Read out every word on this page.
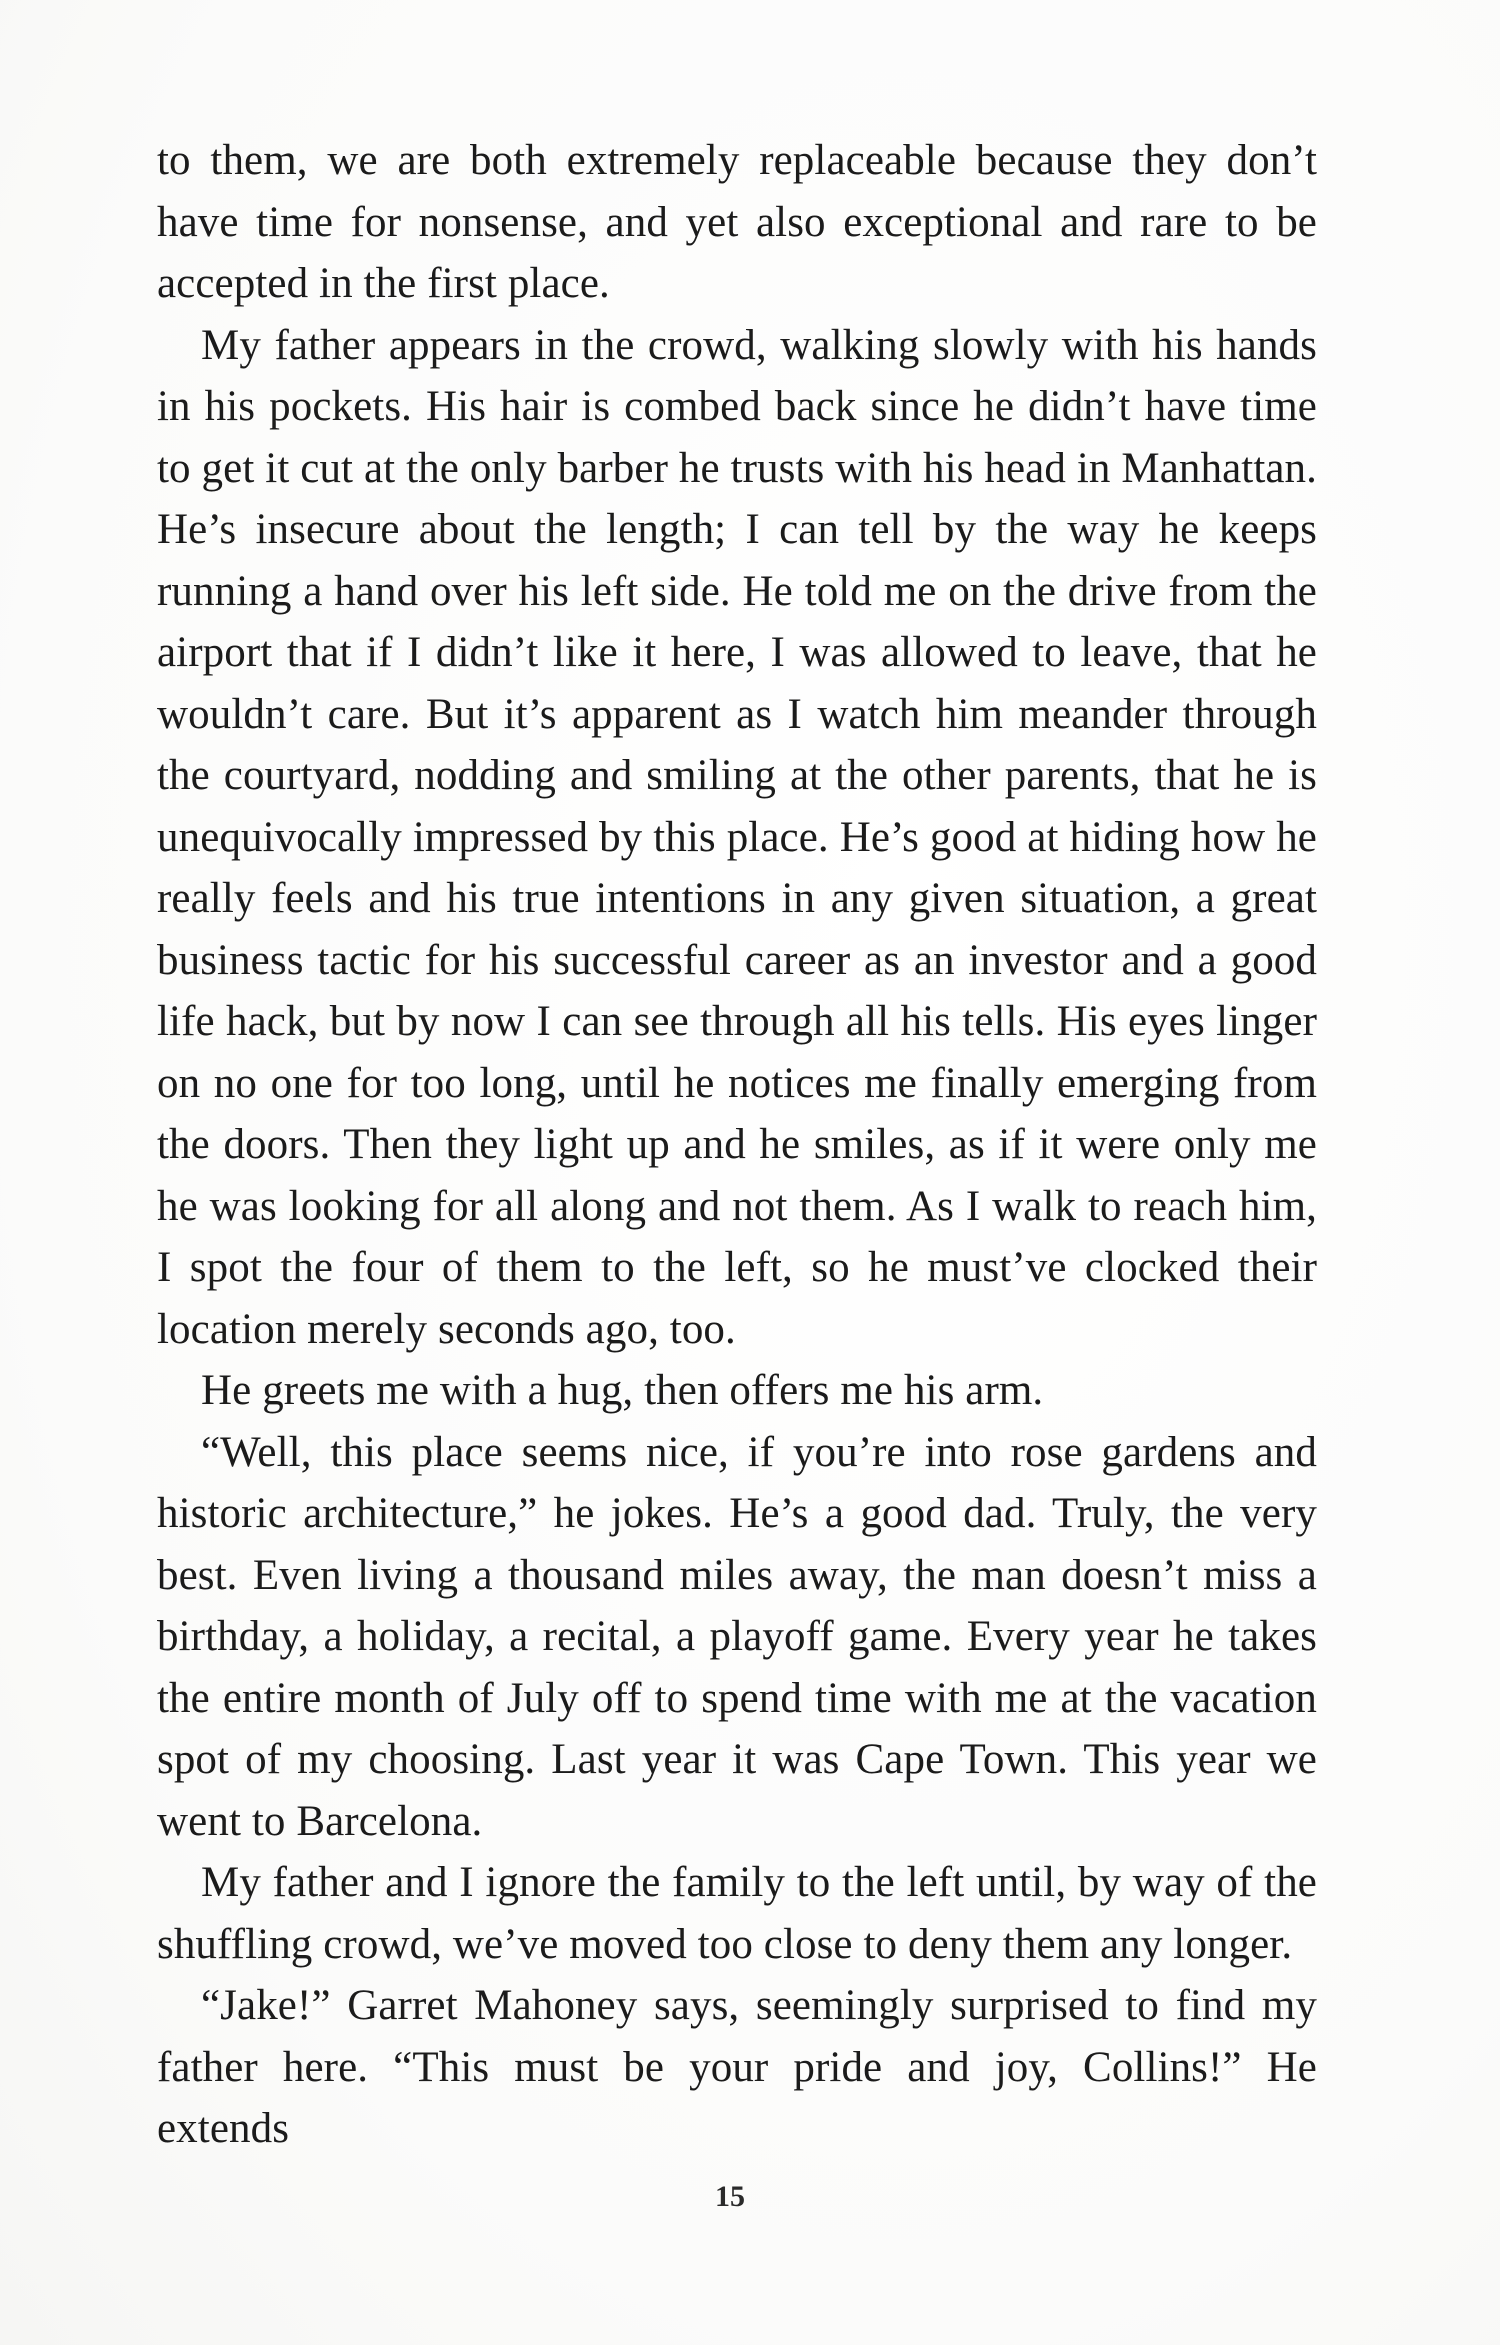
to them, we are both extremely replaceable because they don’t have time for nonsense, and yet also exceptional and rare to be accepted in the first place.

My father appears in the crowd, walking slowly with his hands in his pockets. His hair is combed back since he didn’t have time to get it cut at the only barber he trusts with his head in Manhattan. He’s insecure about the length; I can tell by the way he keeps running a hand over his left side. He told me on the drive from the airport that if I didn’t like it here, I was allowed to leave, that he wouldn’t care. But it’s apparent as I watch him meander through the courtyard, nodding and smiling at the other parents, that he is unequivocally impressed by this place. He’s good at hiding how he really feels and his true intentions in any given situation, a great business tactic for his successful career as an investor and a good life hack, but by now I can see through all his tells. His eyes linger on no one for too long, until he notices me finally emerging from the doors. Then they light up and he smiles, as if it were only me he was looking for all along and not them. As I walk to reach him, I spot the four of them to the left, so he must’ve clocked their location merely seconds ago, too.

He greets me with a hug, then offers me his arm.

“Well, this place seems nice, if you’re into rose gardens and historic architecture,” he jokes. He’s a good dad. Truly, the very best. Even living a thousand miles away, the man doesn’t miss a birthday, a holiday, a recital, a playoff game. Every year he takes the entire month of July off to spend time with me at the vacation spot of my choosing. Last year it was Cape Town. This year we went to Barcelona.

My father and I ignore the family to the left until, by way of the shuffling crowd, we’ve moved too close to deny them any longer.

“Jake!” Garret Mahoney says, seemingly surprised to find my father here. “This must be your pride and joy, Collins!” He extends

15
